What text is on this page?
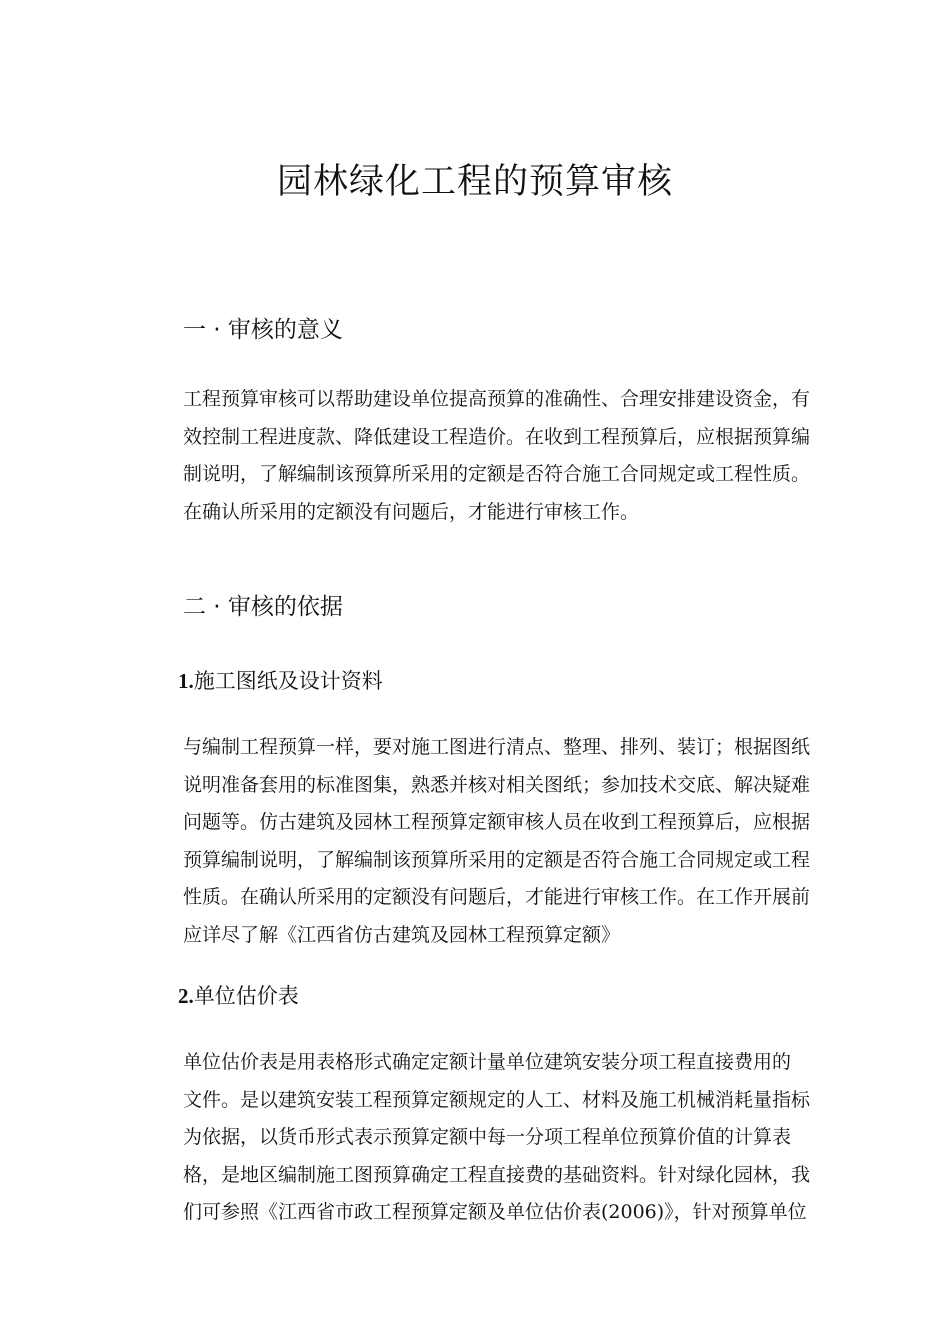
园林绿化工程的预算审核
一 · 审核的意义
工程预算审核可以帮助建设单位提高预算的准确性、合理安排建设资金，有
效控制工程进度款、降低建设工程造价。在收到工程预算后，应根据预算编
制说明，了解编制该预算所采用的定额是否符合施工合同规定或工程性质。
在确认所采用的定额没有问题后，才能进行审核工作。
二 · 审核的依据
1.施工图纸及设计资料
与编制工程预算一样，要对施工图进行清点、整理、排列、装订；根据图纸
说明准备套用的标准图集，熟悉并核对相关图纸；参加技术交底、解决疑难
问题等。仿古建筑及园林工程预算定额审核人员在收到工程预算后，应根据
预算编制说明，了解编制该预算所采用的定额是否符合施工合同规定或工程
性质。在确认所采用的定额没有问题后，才能进行审核工作。在工作开展前
应详尽了解《江西省仿古建筑及园林工程预算定额》
2.单位估价表
单位估价表是用表格形式确定定额计量单位建筑安装分项工程直接费用的
文件。是以建筑安装工程预算定额规定的人工、材料及施工机械消耗量指标
为依据，以货币形式表示预算定额中每一分项工程单位预算价值的计算表
格，是地区编制施工图预算确定工程直接费的基础资料。针对绿化园林，我
们可参照《江西省市政工程预算定额及单位估价表(2006)》，针对预算单位
